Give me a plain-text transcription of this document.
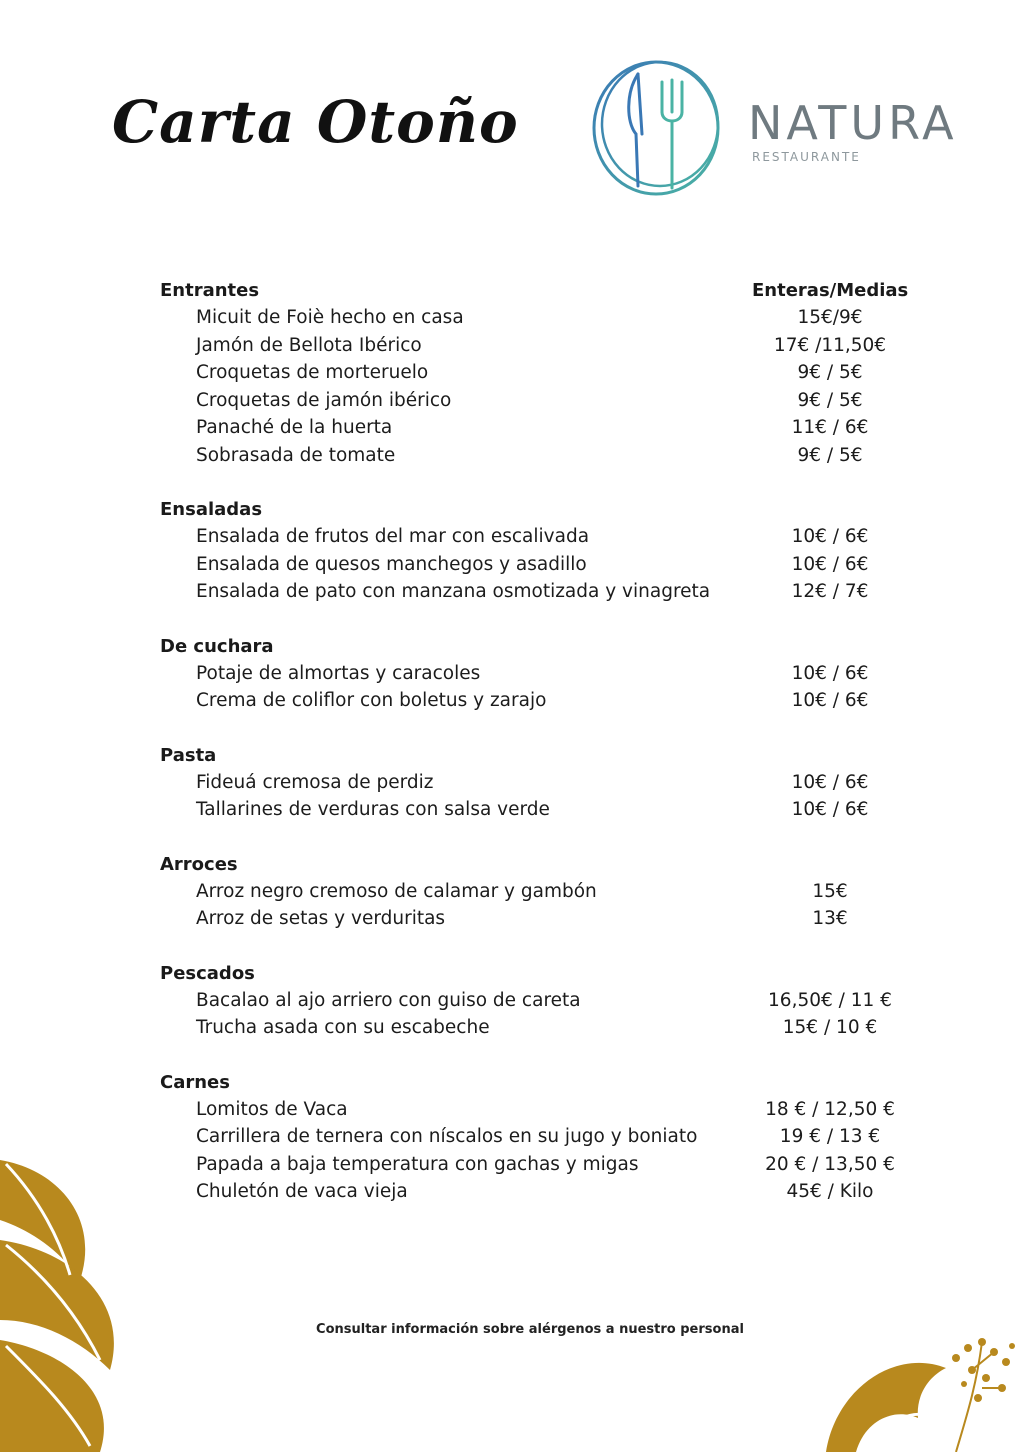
Carta Otoño	NATURA
RESTAURANTE
Entrantes	Enteras/Medias
Micuit de Foiè hecho en casa	15€/9€
Jamón de Bellota Ibérico	17€ /11,50€
Croquetas de morteruelo	9€ / 5€
Croquetas de jamón ibérico	9€ / 5€
Panaché de la huerta	11€ / 6€
Sobrasada de tomate	9€ / 5€
Ensaladas
Ensalada de frutos del mar con escalivada	10€ / 6€
Ensalada de quesos manchegos y asadillo	10€ / 6€
Ensalada de pato con manzana osmotizada y vinagreta	12€ / 7€
De cuchara
Potaje de almortas y caracoles	10€ / 6€
Crema de coliflor con boletus y zarajo	10€ / 6€
Pasta
Fideuá cremosa de perdiz	10€ / 6€
Tallarines de verduras con salsa verde	10€ / 6€
Arroces
Arroz negro cremoso de calamar y gambón	15€
Arroz de setas y verduritas	13€
Pescados
Bacalao al ajo arriero con guiso de careta	16,50€ / 11 €
Trucha asada con su escabeche	15€ / 10 €
Carnes
Lomitos de Vaca	18 € / 12,50 €
Carrillera de ternera con níscalos en su jugo y boniato	19 € / 13 €
Papada a baja temperatura con gachas y migas	20 € / 13,50 €
Chuletón de vaca vieja	45€ / Kilo
Consultar información sobre alérgenos a nuestro personal
